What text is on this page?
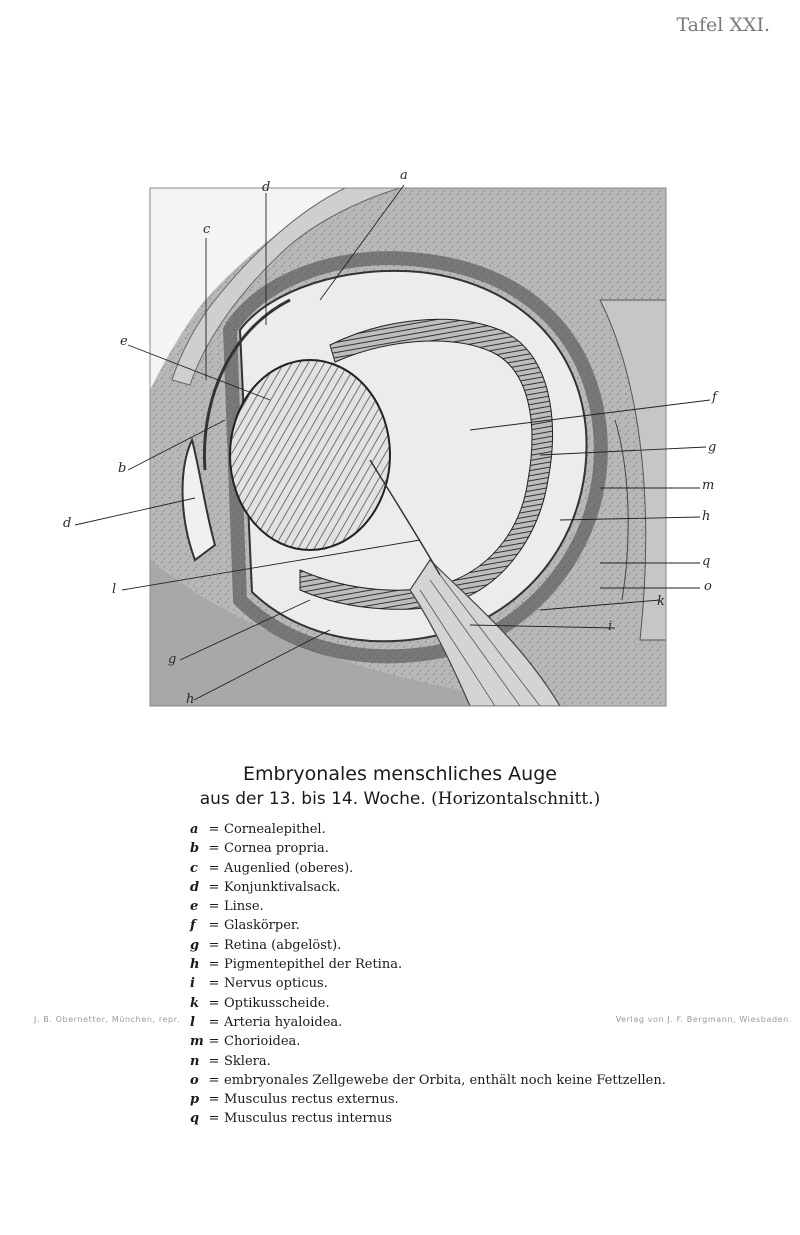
Tafel XXI.
a
d
c
e
b
d
l
g
h
f
g
m
h
q
o
k
i
Embryonales menschliches Auge
aus der 13. bis 14. Woche. (Horizontalschnitt.)
a = Cornealepithel.
b = Cornea propria.
c = Augenlied (oberes).
d = Konjunktivalsack.
e = Linse.
f = Glaskörper.
g = Retina (abgelöst).
h = Pigmentepithel der Retina.
i = Nervus opticus.
k = Optikusscheide.
l = Arteria hyaloidea.
m = Chorioidea.
n = Sklera.
o = embryonales Zellgewebe der Orbita, enthält noch keine Fettzellen.
p = Musculus rectus externus.
q = Musculus rectus internus
J. B. Obernetter, München, repr.	Verlag von J. F. Bergmann, Wiesbaden.
